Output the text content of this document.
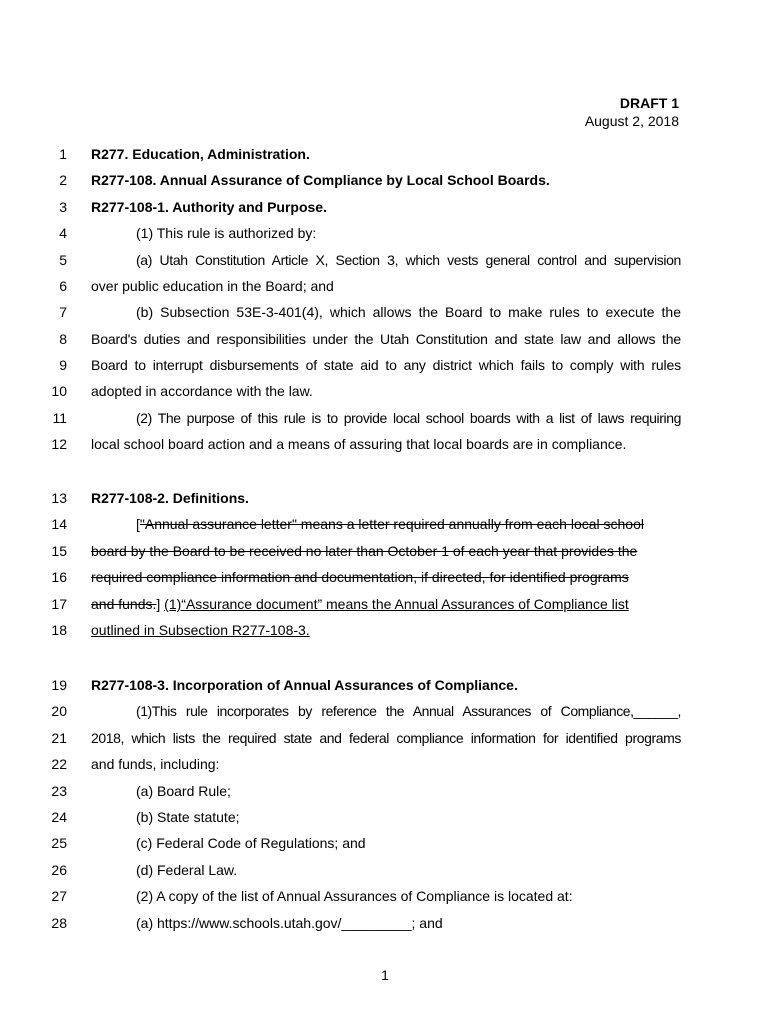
DRAFT 1
August 2, 2018
1 R277. Education, Administration.
2 R277-108. Annual Assurance of Compliance by Local School Boards.
3 R277-108-1. Authority and Purpose.
4	(1) This rule is authorized by:
5	(a) Utah Constitution Article X, Section 3, which vests general control and supervision
6 over public education in the Board; and
7	(b) Subsection 53E-3-401(4), which allows the Board to make rules to execute the
8 Board's duties and responsibilities under the Utah Constitution and state law and allows the
9 Board to interrupt disbursements of state aid to any district which fails to comply with rules
10 adopted in accordance with the law.
11	(2) The purpose of this rule is to provide local school boards with a list of laws requiring
12 local school board action and a means of assuring that local boards are in compliance.
13 R277-108-2. Definitions.
14	["Annual assurance letter" means a letter required annually from each local school
15 board by the Board to be received no later than October 1 of each year that provides the
16 required compliance information and documentation, if directed, for identified programs
17 and funds.] (1)“Assurance document” means the Annual Assurances of Compliance list
18 outlined in Subsection R277-108-3.
19 R277-108-3. Incorporation of Annual Assurances of Compliance.
20	(1)This rule incorporates by reference the Annual Assurances of Compliance,______,
21 2018, which lists the required state and federal compliance information for identified programs
22 and funds, including:
23	(a) Board Rule;
24	(b) State statute;
25	(c) Federal Code of Regulations; and
26	(d) Federal Law.
27	(2) A copy of the list of Annual Assurances of Compliance is located at:
28	(a) https://www.schools.utah.gov/_________; and
1
